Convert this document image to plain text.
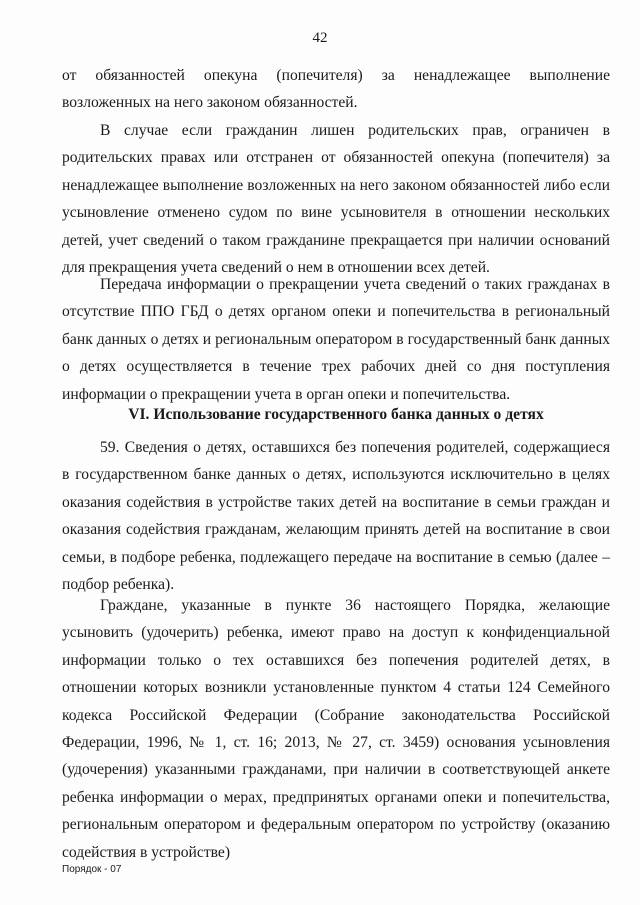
42

от обязанностей опекуна (попечителя) за ненадлежащее выполнение возложенных на него законом обязанностей.

В случае если гражданин лишен родительских прав, ограничен в родительских правах или отстранен от обязанностей опекуна (попечителя) за ненадлежащее выполнение возложенных на него законом обязанностей либо если усыновление отменено судом по вине усыновителя в отношении нескольких детей, учет сведений о таком гражданине прекращается при наличии оснований для прекращения учета сведений о нем в отношении всех детей.

Передача информации о прекращении учета сведений о таких гражданах в отсутствие ППО ГБД о детях органом опеки и попечительства в региональный банк данных о детях и региональным оператором в государственный банк данных о детях осуществляется в течение трех рабочих дней со дня поступления информации о прекращении учета в орган опеки и попечительства.

VI. Использование государственного банка данных о детях

59. Сведения о детях, оставшихся без попечения родителей, содержащиеся в государственном банке данных о детях, используются исключительно в целях оказания содействия в устройстве таких детей на воспитание в семьи граждан и оказания содействия гражданам, желающим принять детей на воспитание в свои семьи, в подборе ребенка, подлежащего передаче на воспитание в семью (далее – подбор ребенка).

Граждане, указанные в пункте 36 настоящего Порядка, желающие усыновить (удочерить) ребенка, имеют право на доступ к конфиденциальной информации только о тех оставшихся без попечения родителей детях, в отношении которых возникли установленные пунктом 4 статьи 124 Семейного кодекса Российской Федерации (Собрание законодательства Российской Федерации, 1996, № 1, ст. 16; 2013, № 27, ст. 3459) основания усыновления (удочерения) указанными гражданами, при наличии в соответствующей анкете ребенка информации о мерах, предпринятых органами опеки и попечительства, региональным оператором и федеральным оператором по устройству (оказанию содействия в устройстве)

Порядок - 07
